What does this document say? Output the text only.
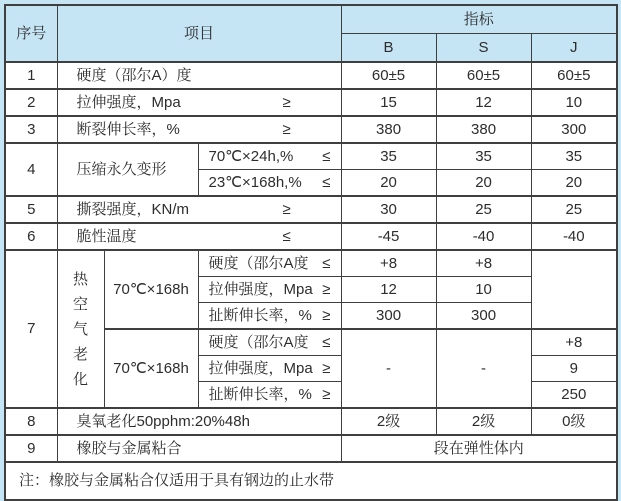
序号	项目			指标		
				B	S	J
1	硬度（邵尔A）度			60±5	60±5	60±5
2	拉伸强度，Mpa ≥			15	12	10
3	断裂伸长率，% ≥			380	380	300
4	压缩永久变形		70℃×24h,% ≤	35	35	35

			23℃×168h,% ≤	20	20	20
5	撕裂强度，KN/m ≥			30	25	25
6	脆性温度 ≤			-45	-40	-40
7	热空气老化	70℃×168h	硬度（邵尔A度 ≤	+8	+8	

			拉伸强度，Mpa ≥	12	10	

			扯断伸长率，% ≥	300	300	
		70℃×168h	硬度（邵尔A度 ≤	-	-	+8

			拉伸强度，Mpa ≥			9

			扯断伸长率，% ≥			250
8	臭氧老化50pphm:20%48h			2级	2级	0级
9	橡胶与金属粘合			段在弹性体内		
注：橡胶与金属粘合仅适用于具有钢边的止水带						
